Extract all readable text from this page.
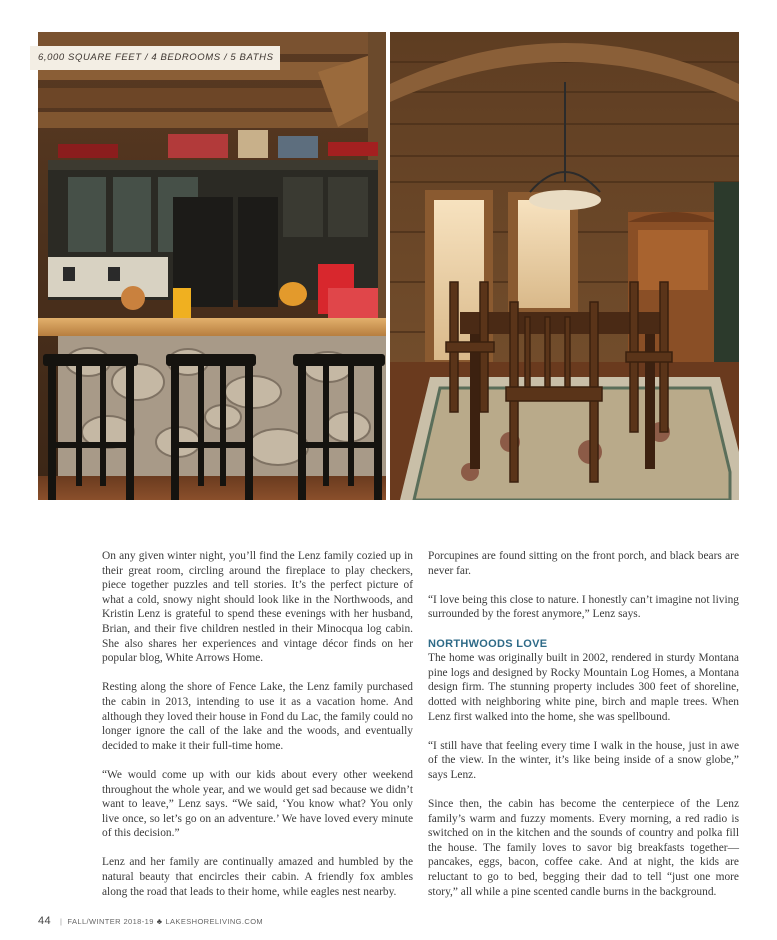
6,000 SQUARE FEET / 4 BEDROOMS / 5 BATHS

On any given winter night, you’ll find the Lenz family cozied up in their great room, circling around the fireplace to play checkers, piece together puzzles and tell stories. It’s the perfect picture of what a cold, snowy night should look like in the Northwoods, and Kristin Lenz is grateful to spend these evenings with her husband, Brian, and their five children nestled in their Minocqua log cabin. She also shares her experiences and vintage décor finds on her popular blog, White Arrows Home.

Resting along the shore of Fence Lake, the Lenz family purchased the cabin in 2013, intending to use it as a vacation home. And although they loved their house in Fond du Lac, the family could no longer ignore the call of the lake and the woods, and eventually decided to make it their full-time home.

“We would come up with our kids about every other weekend throughout the whole year, and we would get sad because we didn’t want to leave,” Lenz says. “We said, ‘You know what? You only live once, so let’s go on an adventure.’ We have loved every minute of this decision.”

Lenz and her family are continually amazed and humbled by the natural beauty that encircles their cabin. A friendly fox ambles along the road that leads to their home, while eagles nest nearby.

Porcupines are found sitting on the front porch, and black bears are never far.

“I love being this close to nature. I honestly can’t imagine not living surrounded by the forest anymore,” Lenz says.

NORTHWOODS LOVE

The home was originally built in 2002, rendered in sturdy Montana pine logs and designed by Rocky Mountain Log Homes, a Montana design firm. The stunning property includes 300 feet of shoreline, dotted with neighboring white pine, birch and maple trees. When Lenz first walked into the home, she was spellbound.

“I still have that feeling every time I walk in the house, just in awe of the view. In the winter, it’s like being inside of a snow globe,” says Lenz.

Since then, the cabin has become the centerpiece of the Lenz family’s warm and fuzzy moments. Every morning, a red radio is switched on in the kitchen and the sounds of country and polka fill the house. The family loves to savor big breakfasts together—pancakes, eggs, bacon, coffee cake. And at night, the kids are reluctant to go to bed, begging their dad to tell “just one more story,” all while a pine scented candle burns in the background.

44 | FALL/WINTER 2018-19 ♣ LAKESHORELIVING.COM
